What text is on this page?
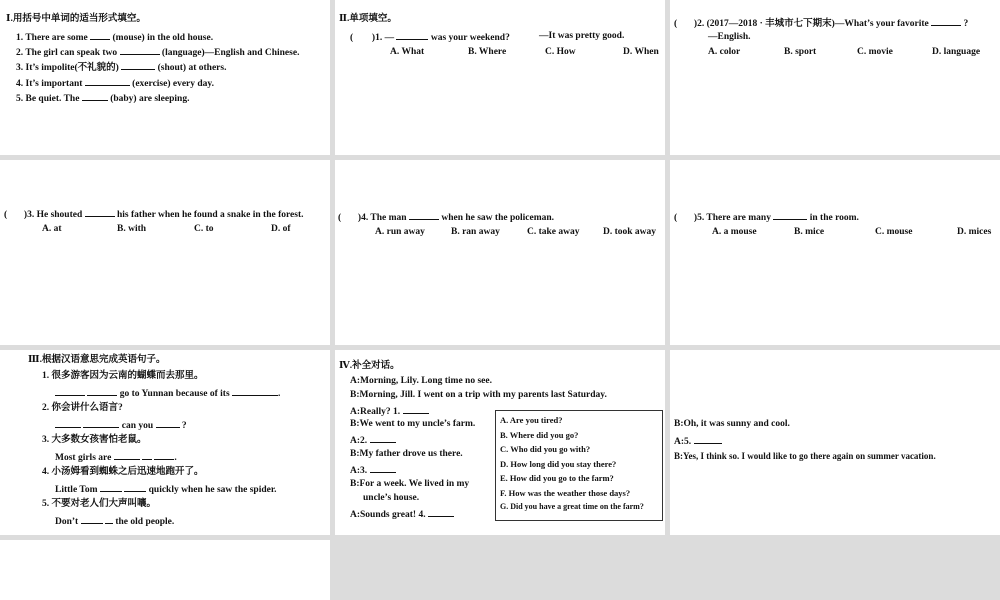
Ⅰ.用括号中单词的适当形式填空。
1. There are some	(mouse) in the old house.
2. The girl can speak two	(language)—English and Chinese.
3. It’s impolite(不礼貌的)	(shout) at others.
4. It’s important	(exercise) every day.
5. Be quiet. The	(baby) are sleeping.
Ⅱ.单项填空。
( )1. —	was your weekend?	—It was pretty good.
A. What	B. Where	C. How	D. When
( )2. (2017—2018 · 丰城市七下期末)—What’s your favorite	?
—English.
A. color	B. sport	C. movie	D. language
( )3. He shouted	his father when he found a snake in the forest.
A. at	B. with	C. to	D. of
( )4. The man	when he saw the policeman.
A. run away	B. ran away	C. take away D. took away
( )5. There are many	in the room.
A. a mouse	B. mice	C. mouse	D. mices
Ⅲ.根据汉语意思完成英语句子。
1. 很多游客因为云南的蝴蝶而去那里。
go to Yunnan because of its	.
2. 你会讲什么语言?
can you	?
3. 大多数女孩害怕老鼠。
Most girls are	.
4. 小汤姆看到蜘蛛之后迅速地跑开了。
Little Tom	quickly when he saw the spider.
5. 不要对老人们大声叫嚷。
Don’t	the old people.
Ⅳ.补全对话。
A:Morning, Lily. Long time no see.
B:Morning, Jill. I went on a trip with my parents last Saturday.
A:Really? 1.
B:We went to my uncle’s farm.
A:2.
B:My father drove us there.
A:3.
B:For a week. We lived in my
uncle’s house.
A:Sounds great! 4.
A. Are you tired?
B. Where did you go?
C. Who did you go with?
D. How long did you stay there?
E. How did you go to the farm?
F. How was the weather those days?
G. Did you have a great time on the farm?
B:Oh, it was sunny and cool.
A:5.
B:Yes, I think so. I would like to go there again on summer vacation.
